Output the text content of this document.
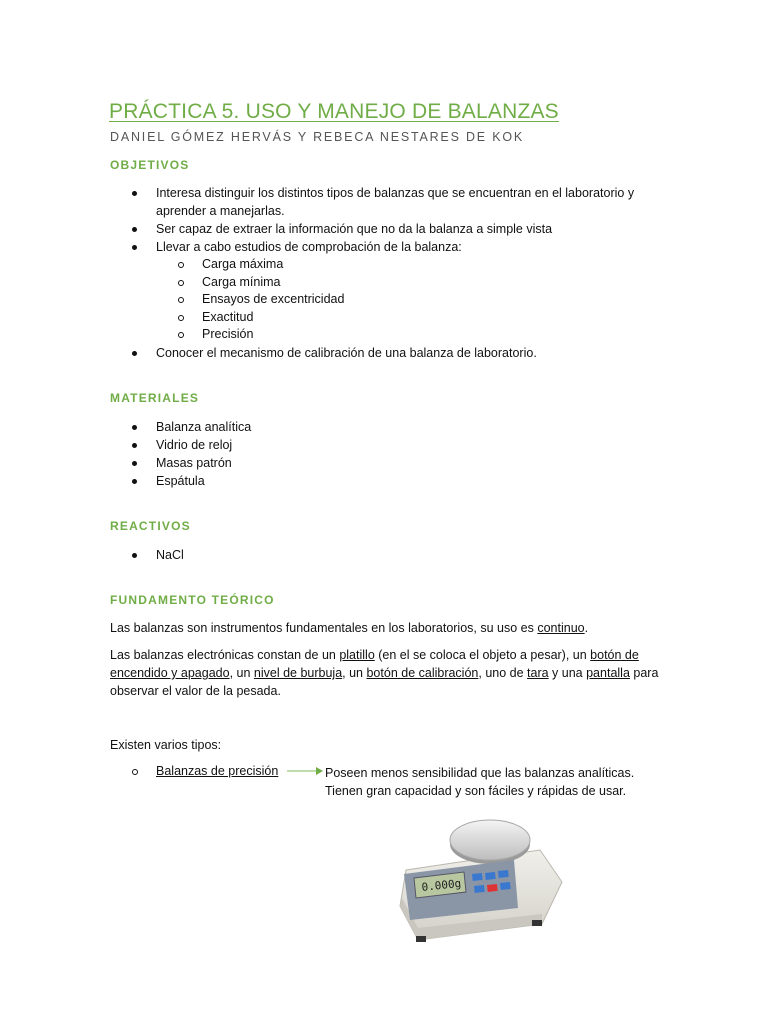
PRÁCTICA 5. USO Y MANEJO DE BALANZAS
DANIEL GÓMEZ HERVÁS Y REBECA NESTARES DE KOK
OBJETIVOS
Interesa distinguir los distintos tipos de balanzas que se encuentran en el laboratorio y aprender a manejarlas.
Ser capaz de extraer la información que no da la balanza a simple vista
Llevar a cabo estudios de comprobación de la balanza:
Carga máxima
Carga mínima
Ensayos de excentricidad
Exactitud
Precisión
Conocer el mecanismo de calibración de una balanza de laboratorio.
MATERIALES
Balanza analítica
Vidrio de reloj
Masas patrón
Espátula
REACTIVOS
NaCl
FUNDAMENTO TEÓRICO
Las balanzas son instrumentos fundamentales en los laboratorios, su uso es continuo.
Las balanzas electrónicas constan de un platillo (en el se coloca el objeto a pesar), un botón de encendido y apagado, un nivel de burbuja, un botón de calibración, uno de tara y una pantalla para observar el valor de la pesada.
Existen varios tipos:
Balanzas de precisión	Poseen menos sensibilidad que las balanzas analíticas.
Tienen gran capacidad y son fáciles y rápidas de usar.
0.000g
